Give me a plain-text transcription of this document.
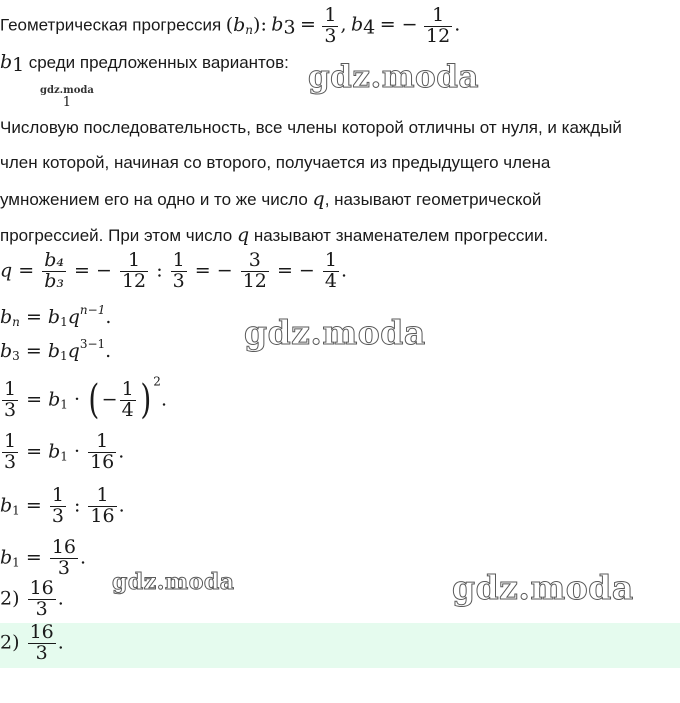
Геометрическая прогрессия $(b_n)$: $b_3 = \frac{1}{3}$ , $b_4$ = − $\frac{1}{12}$ .
$b_1$ среди предложенных вариантов:
gdz.moda
1
Числовую последовательность, все члены которой отличны от нуля, и каждый
член которой, начиная со второго, получается из предыдущего члена
умножением его на одно и то же число q, называют геометрической
прогрессией. При этом число q называют знаменателем прогрессии.
$q = \frac{\text{b₄}}{\text{b₃}}$ = − $\frac{1}{12}$ : $\frac{1}{3}$ = − $\frac{3}{12}$ = − $\frac{1}{4}$ .
$b_n = b_1q^{n-1}$.
$b_3 = b_1q^{3-1}$.
$\frac{1}{3} = b_1$ · ( − $\frac{1}{4}$ ) $^2$.
$\frac{1}{3} = b_1 \cdot \frac{1}{16}$ .
$b_1 = \frac{1}{3}$ : $\frac{1}{16}$ .
$b_1 = \frac{16}{3}$ .
$2) \frac{16}{3}$ .
$2) \frac{16}{3}$ .
gdz.moda
gdz.moda
gdz.moda	gdz.moda
